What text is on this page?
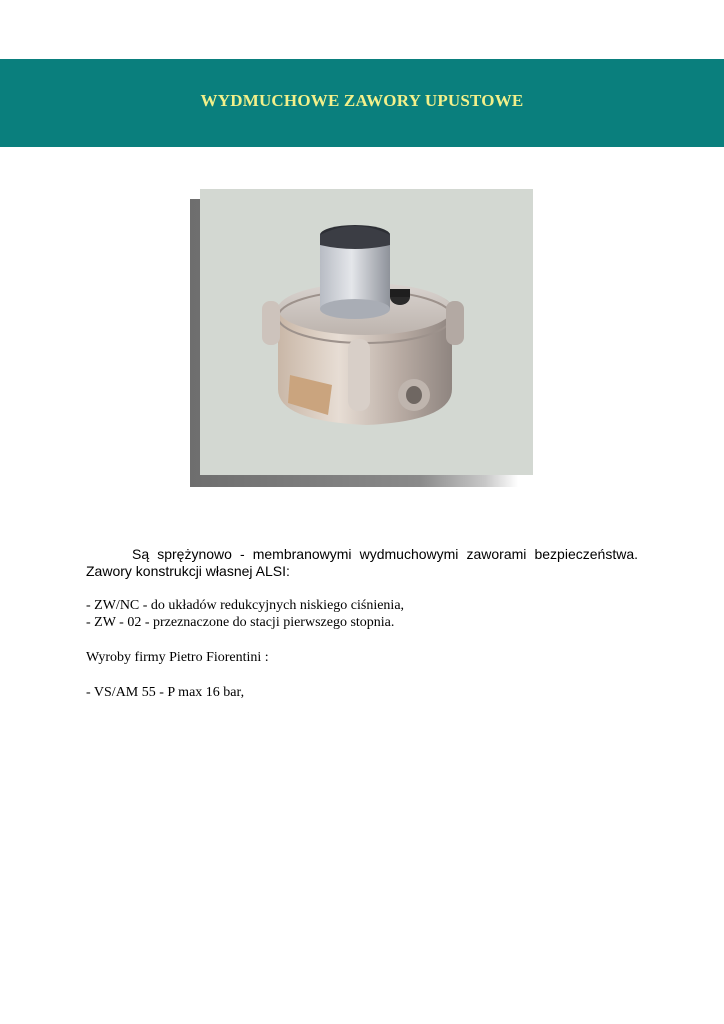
WYDMUCHOWE ZAWORY UPUSTOWE
Są sprężynowo - membranowymi wydmuchowymi zaworami bezpieczeństwa.
Zawory konstrukcji własnej ALSI:
- ZW/NC - do układów redukcyjnych niskiego ciśnienia,
- ZW - 02 - przeznaczone do stacji pierwszego stopnia.
Wyroby firmy Pietro Fiorentini :
- VS/AM 55 - P max 16 bar,
